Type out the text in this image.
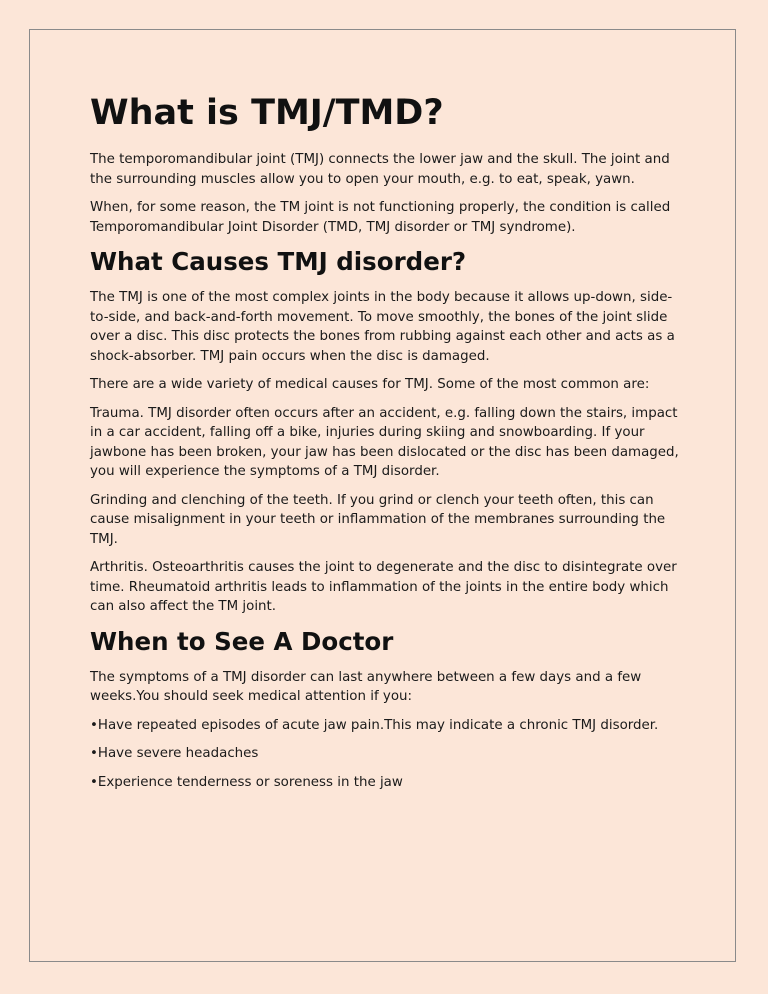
What is TMJ/TMD?

The temporomandibular joint (TMJ) connects the lower jaw and the skull. The joint and the surrounding muscles allow you to open your mouth, e.g. to eat, speak, yawn.

When, for some reason, the TM joint is not functioning properly, the condition is called Temporomandibular Joint Disorder (TMD, TMJ disorder or TMJ syndrome).

What Causes TMJ disorder?

The TMJ is one of the most complex joints in the body because it allows up-down, side-to-side, and back-and-forth movement. To move smoothly, the bones of the joint slide over a disc. This disc protects the bones from rubbing against each other and acts as a shock-absorber. TMJ pain occurs when the disc is damaged.

There are a wide variety of medical causes for TMJ. Some of the most common are:

Trauma. TMJ disorder often occurs after an accident, e.g. falling down the stairs, impact in a car accident, falling off a bike, injuries during skiing and snowboarding. If your jawbone has been broken, your jaw has been dislocated or the disc has been damaged, you will experience the symptoms of a TMJ disorder.

Grinding and clenching of the teeth. If you grind or clench your teeth often, this can cause misalignment in your teeth or inflammation of the membranes surrounding the TMJ.

Arthritis. Osteoarthritis causes the joint to degenerate and the disc to disintegrate over time. Rheumatoid arthritis leads to inflammation of the joints in the entire body which can also affect the TM joint.

When to See A Doctor

The symptoms of a TMJ disorder can last anywhere between a few days and a few weeks.You should seek medical attention if you:

•Have repeated episodes of acute jaw pain.This may indicate a chronic TMJ disorder.

•Have severe headaches

•Experience tenderness or soreness in the jaw
